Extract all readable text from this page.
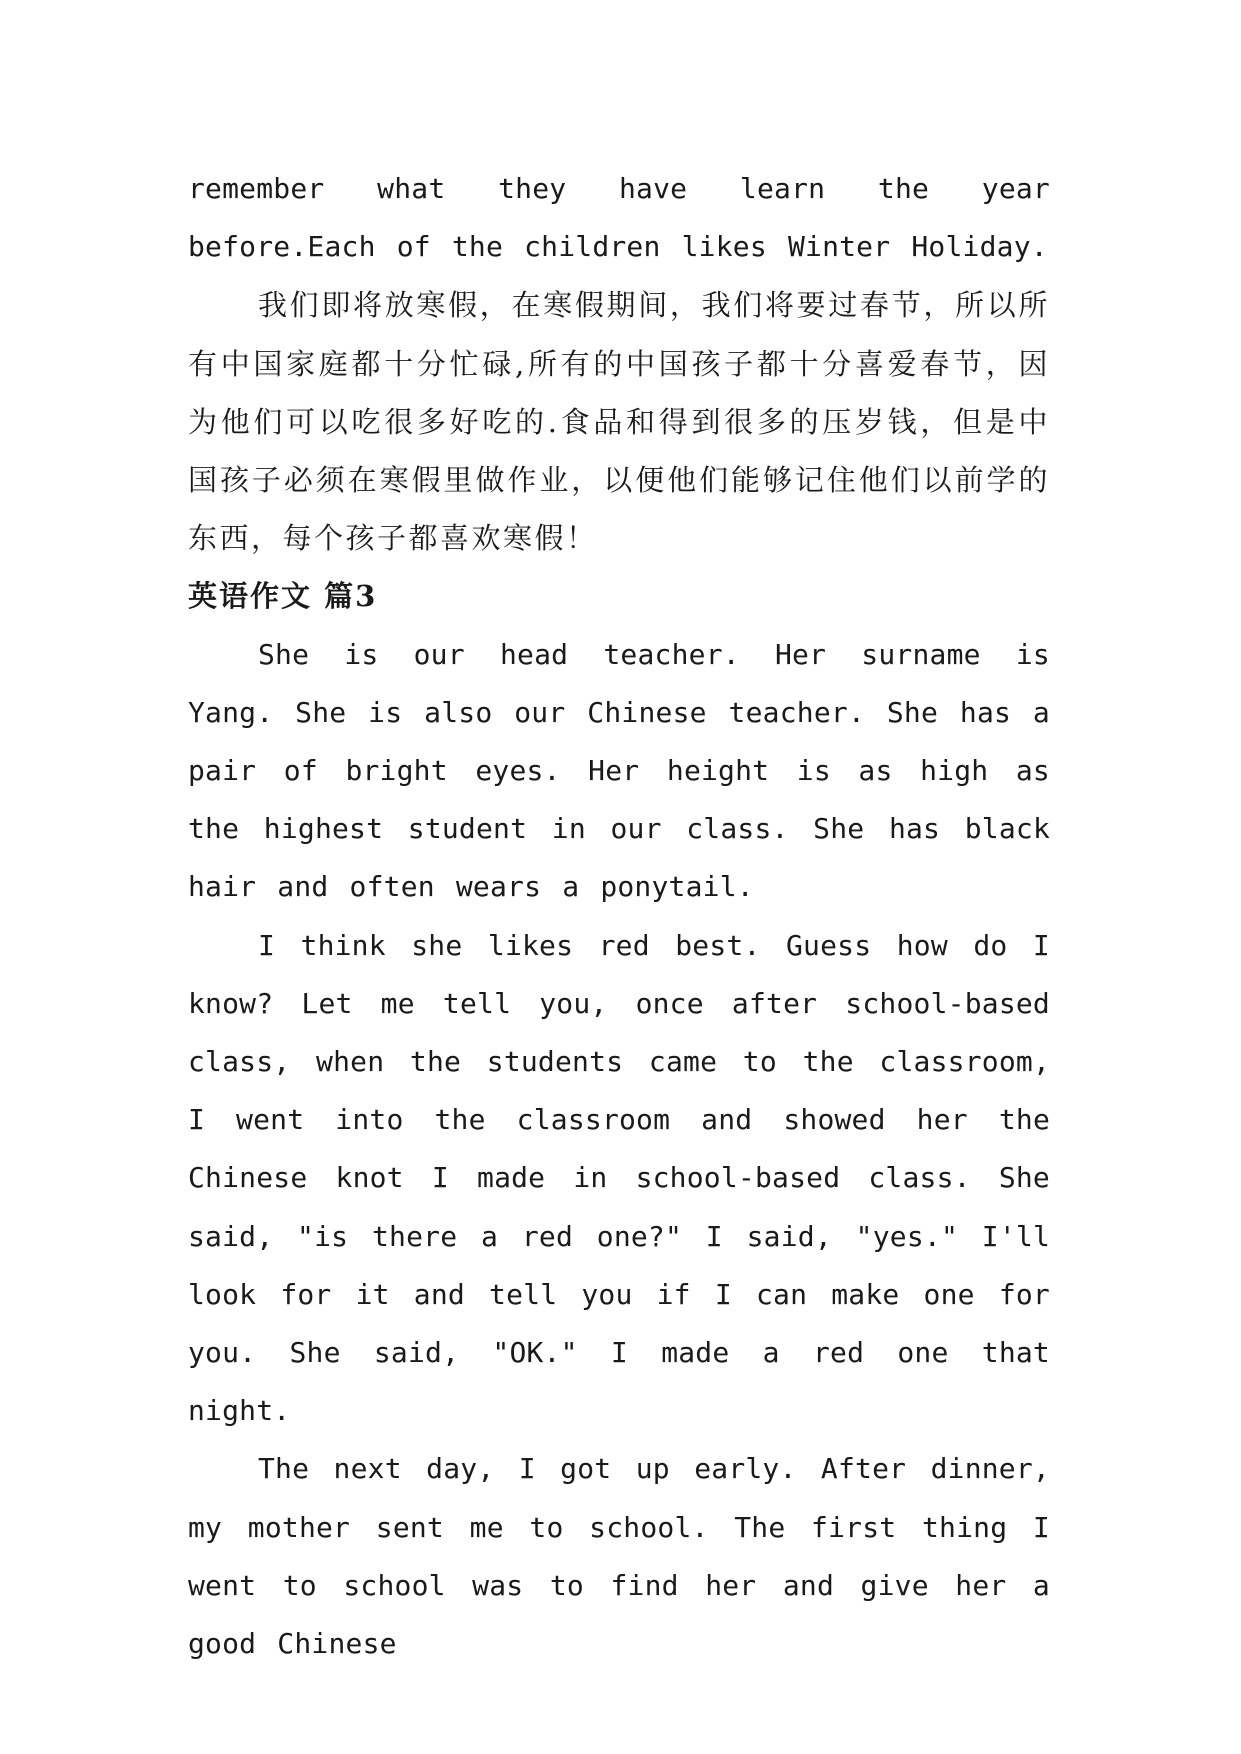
remember what they have learn the year before.Each of the children likes Winter Holiday.

我们即将放寒假，在寒假期间，我们将要过春节，所以所有中国家庭都十分忙碌,所有的中国孩子都十分喜爱春节，因为他们可以吃很多好吃的.食品和得到很多的压岁钱，但是中国孩子必须在寒假里做作业，以便他们能够记住他们以前学的东西，每个孩子都喜欢寒假！

英语作文 篇3

She is our head teacher. Her surname is Yang. She is also our Chinese teacher. She has a pair of bright eyes. Her height is as high as the highest student in our class. She has black hair and often wears a ponytail.

I think she likes red best. Guess how do I know? Let me tell you, once after school-based class, when the students came to the classroom, I went into the classroom and showed her the Chinese knot I made in school-based class. She said, "is there a red one?" I said, "yes." I'll look for it and tell you if I can make one for you. She said, "OK." I made a red one that night.

The next day, I got up early. After dinner, my mother sent me to school. The first thing I went to school was to find her and give her a good Chinese
